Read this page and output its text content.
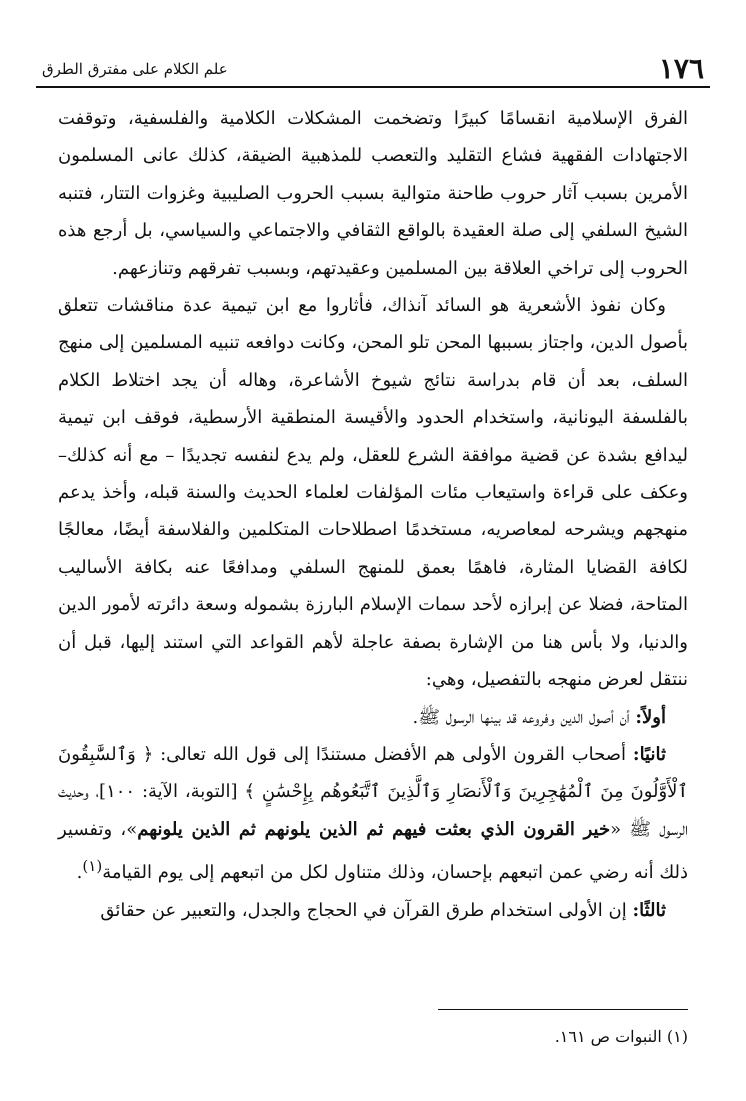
١٧٦
علم الكلام على مفترق الطرق

الفرق الإسلامية انقسامًا كبيرًا وتضخمت المشكلات الكلامية والفلسفية، وتوقفت الاجتهادات الفقهية فشاع التقليد والتعصب للمذهبية الضيقة، كذلك عانى المسلمون الأمرين بسبب آثار حروب طاحنة متوالية بسبب الحروب الصليبية وغزوات التتار، فتنبه الشيخ السلفي إلى صلة العقيدة بالواقع الثقافي والاجتماعي والسياسي، بل أرجع هذه الحروب إلى تراخي العلاقة بين المسلمين وعقيدتهم، وبسبب تفرقهم وتنازعهم.

وكان نفوذ الأشعرية هو السائد آنذاك، فأثاروا مع ابن تيمية عدة مناقشات تتعلق بأصول الدين، واجتاز بسببها المحن تلو المحن، وكانت دوافعه تنبيه المسلمين إلى منهج السلف، بعد أن قام بدراسة نتائج شيوخ الأشاعرة، وهاله أن يجد اختلاط الكلام بالفلسفة اليونانية، واستخدام الحدود والأقيسة المنطقية الأرسطية، فوقف ابن تيمية ليدافع بشدة عن قضية موافقة الشرع للعقل، ولم يدع لنفسه تجديدًا – مع أنه كذلك– وعكف على قراءة واستيعاب مئات المؤلفات لعلماء الحديث والسنة قبله، وأخذ يدعم منهجهم ويشرحه لمعاصريه، مستخدمًا اصطلاحات المتكلمين والفلاسفة أيضًا، معالجًا لكافة القضايا المثارة، فاهمًا بعمق للمنهج السلفي ومدافعًا عنه بكافة الأساليب المتاحة، فضلا عن إبرازه لأحد سمات الإسلام البارزة بشموله وسعة دائرته لأمور الدين والدنيا، ولا بأس هنا من الإشارة بصفة عاجلة لأهم القواعد التي استند إليها، قبل أن ننتقل لعرض منهجه بالتفصيل، وهي:

أولاً: أن أصول الدين وفروعه قد بينها الرسول ﷺ.

ثانيًا: أصحاب القرون الأولى هم الأفضل مستندًا إلى قول الله تعالى: ﴿ وَٱلسَّٰبِقُونَ ٱلْأَوَّلُونَ مِنَ ٱلْمُهَٰجِرِينَ وَٱلْأَنصَارِ وَٱلَّذِينَ ٱتَّبَعُوهُم بِإِحْسَٰنٍ ﴾ [التوبة، الآية: ١٠٠]، وحديث الرسول ﷺ «خير القرون الذي بعثت فيهم ثم الذين يلونهم ثم الذين يلونهم»، وتفسير ذلك أنه رضي عمن اتبعهم بإحسان، وذلك متناول لكل من اتبعهم إلى يوم القيامة$^{(١)}$.

ثالثًا: إن الأولى استخدام طرق القرآن في الحجاج والجدل، والتعبير عن حقائق

(١) النبوات ص ١٦١.
